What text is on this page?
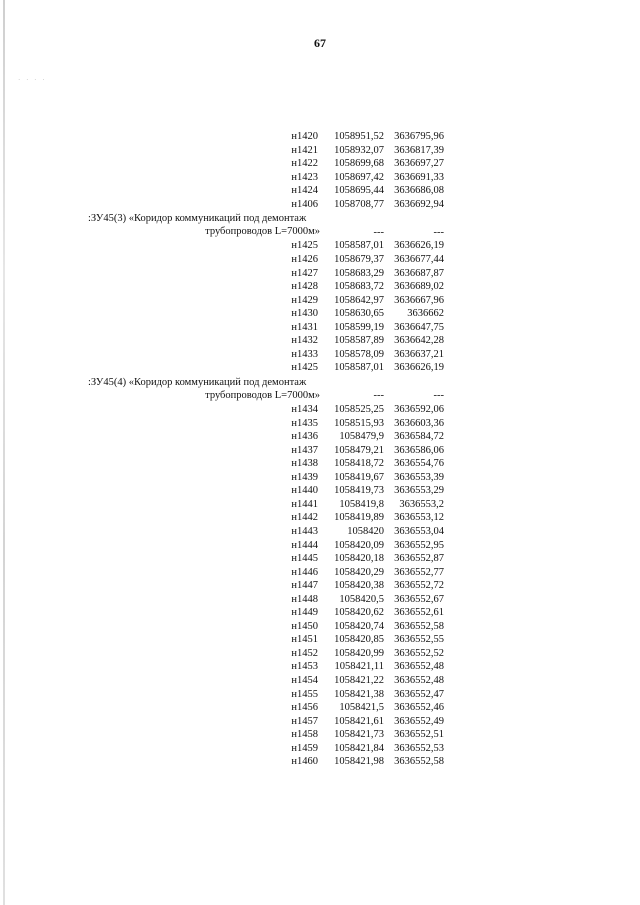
67
· · · ·
н1420 1058951,52 3636795,96
н1421 1058932,07 3636817,39
н1422 1058699,68 3636697,27
н1423 1058697,42 3636691,33
н1424 1058695,44 3636686,08
н1406 1058708,77 3636692,94
:ЗУ45(3) «Коридор коммуникаций под демонтаж
трубопроводов L=7000м»	---	---
н1425 1058587,01 3636626,19
н1426 1058679,37 3636677,44
н1427 1058683,29 3636687,87
н1428 1058683,72 3636689,02
н1429 1058642,97 3636667,96
н1430 1058630,65 3636662
н1431 1058599,19 3636647,75
н1432 1058587,89 3636642,28
н1433 1058578,09 3636637,21
н1425 1058587,01 3636626,19
:ЗУ45(4) «Коридор коммуникаций под демонтаж
трубопроводов L=7000м»	---	---
н1434 1058525,25 3636592,06
н1435 1058515,93 3636603,36
н1436 1058479,9 3636584,72
н1437 1058479,21 3636586,06
н1438 1058418,72 3636554,76
н1439 1058419,67 3636553,39
н1440 1058419,73 3636553,29
н1441 1058419,8 3636553,2
н1442 1058419,89 3636553,12
н1443	1058420 3636553,04
н1444 1058420,09 3636552,95
н1445 1058420,18 3636552,87
н1446 1058420,29 3636552,77
н1447 1058420,38 3636552,72
н1448 1058420,5 3636552,67
н1449 1058420,62 3636552,61
н1450 1058420,74 3636552,58
н1451 1058420,85 3636552,55
н1452 1058420,99 3636552,52
н1453 1058421,11 3636552,48
н1454 1058421,22 3636552,48
н1455 1058421,38 3636552,47
н1456 1058421,5 3636552,46
н1457 1058421,61 3636552,49
н1458 1058421,73 3636552,51
н1459 1058421,84 3636552,53
н1460 1058421,98 3636552,58
